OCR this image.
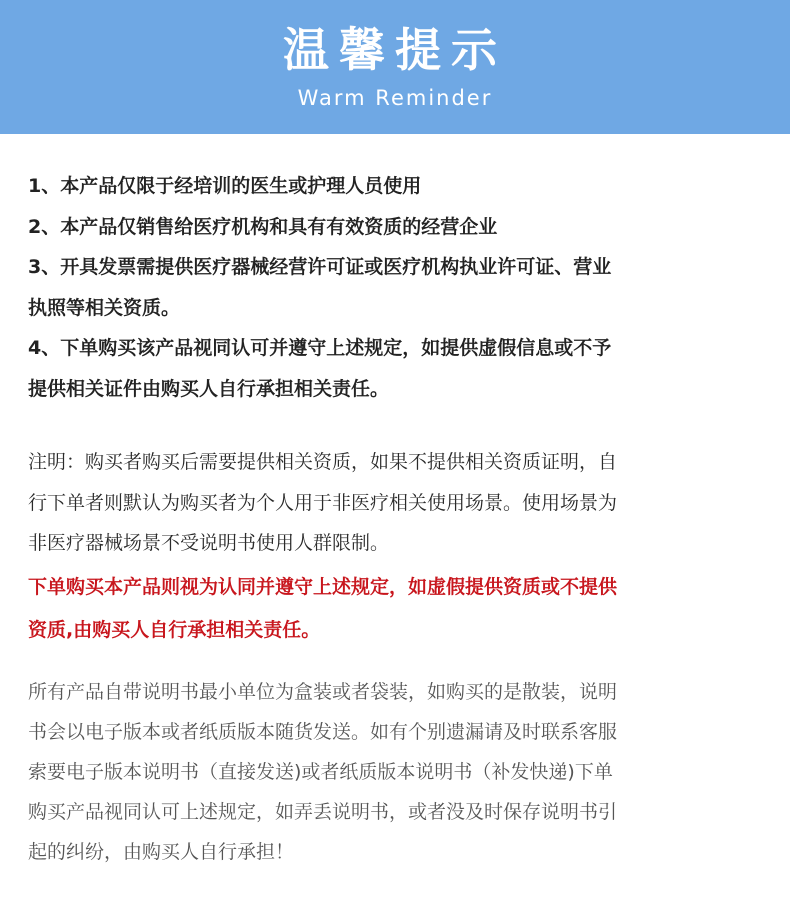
温馨提示
Warm Reminder

1、本产品仅限于经培训的医生或护理人员使用

2、本产品仅销售给医疗机构和具有有效资质的经营企业

3、开具发票需提供医疗器械经营许可证或医疗机构执业许可证、营业

执照等相关资质。

4、下单购买该产品视同认可并遵守上述规定，如提供虚假信息或不予

提供相关证件由购买人自行承担相关责任。

注明：购买者购买后需要提供相关资质，如果不提供相关资质证明，自

行下单者则默认为购买者为个人用于非医疗相关使用场景。使用场景为

非医疗器械场景不受说明书使用人群限制。

下单购买本产品则视为认同并遵守上述规定，如虚假提供资质或不提供

资质,由购买人自行承担相关责任。

所有产品自带说明书最小单位为盒装或者袋装，如购买的是散装，说明

书会以电子版本或者纸质版本随货发送。如有个别遗漏请及时联系客服

索要电子版本说明书（直接发送)或者纸质版本说明书（补发快递)下单

购买产品视同认可上述规定，如弄丢说明书，或者没及时保存说明书引

起的纠纷，由购买人自行承担！
